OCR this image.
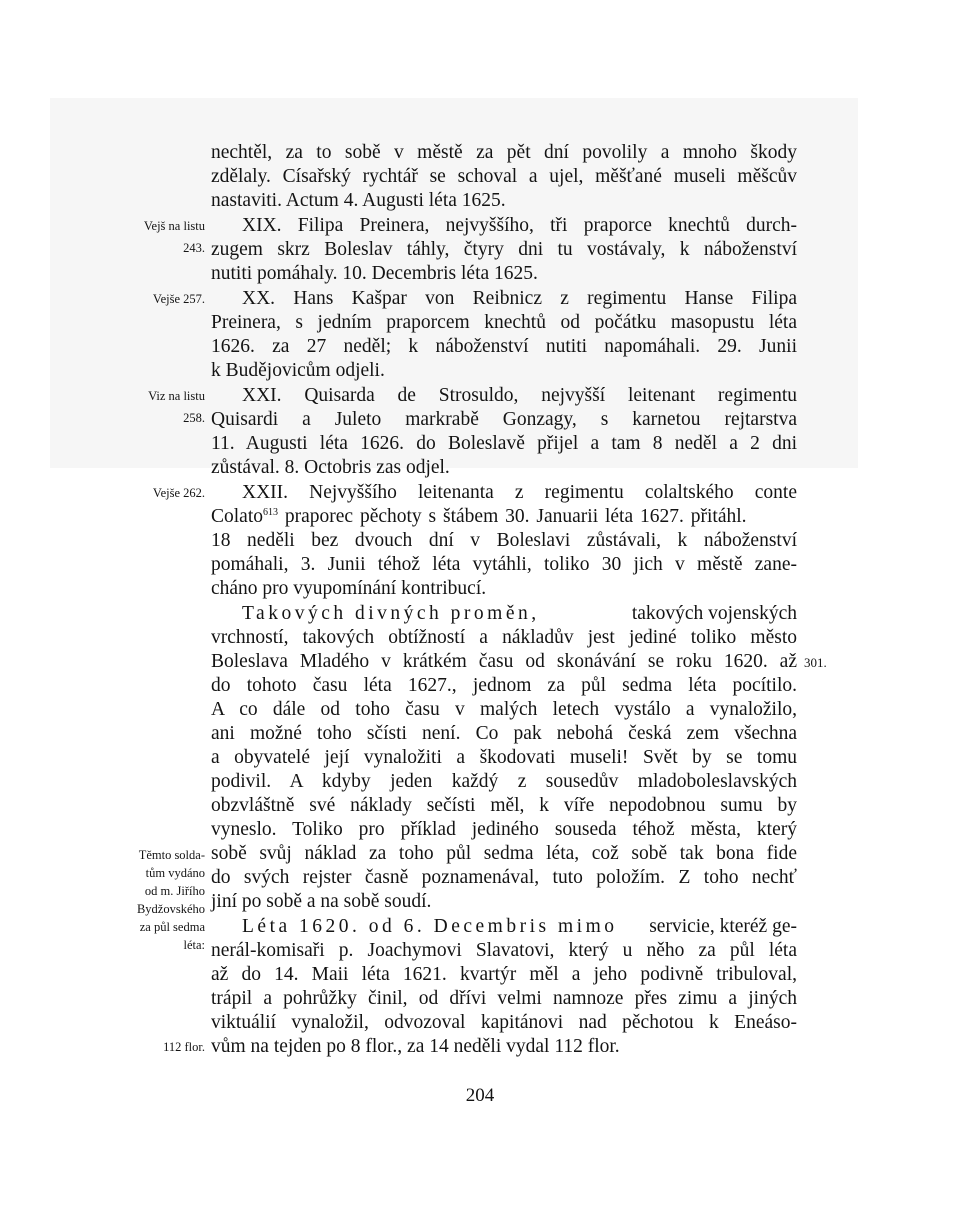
nechtěl, za to sobě v městě za pět dní povolily a mnoho škody
zdělaly. Císařský rychtář se schoval a ujel, měšťané museli měšcův
nastaviti. Actum 4. Augusti léta 1625.
XIX. Filipa Preinera, nejvyššího, tři praporce knechtů durch-
zugem skrz Boleslav táhly, čtyry dni tu vostávaly, k náboženství
nutiti pomáhaly. 10. Decembris léta 1625.
XX. Hans Kašpar von Reibnicz z regimentu Hanse Filipa
Preinera, s jedním praporcem knechtů od počátku masopustu léta
1626. za 27 neděl; k náboženství nutiti napomáhali. 29. Junii
k Budějovicům odjeli.
XXI. Quisarda de Strosuldo, nejvyšší leitenant regimentu
Quisardi a Juleto markrabě Gonzagy, s karnetou rejtarstva
11. Augusti léta 1626. do Boleslavě přijel a tam 8 neděl a 2 dni
zůstával. 8. Octobris zas odjel.
XXII. Nejvyššího leitenanta z regimentu colaltského conte
Colato$^{613}$ praporec pěchoty s štábem 30. Januarii léta 1627. přitáhl.
18 neděli bez dvouch dní v Boleslavi zůstávali, k náboženství
pomáhali, 3. Junii téhož léta vytáhli, toliko 30 jich v městě zane-
cháno pro vyupomínání kontribucí.
Takových divných proměn,	takových vojenských
vrchností, takových obtížností a nákladův jest jediné toliko město
Boleslava Mladého v krátkém času od skonávání se roku 1620. až
do tohoto času léta 1627., jednom za půl sedma léta pocítilo.
A co dále od toho času v malých letech vystálo a vynaložilo,
ani možné toho sčísti není. Co pak nebohá česká zem všechna
a obyvatelé její vynaložiti a škodovati museli! Svět by se tomu
podivil. A kdyby jeden každý z sousedův mladoboleslavských
obzvláštně své náklady sečísti měl, k víře nepodobnou sumu by
vyneslo. Toliko pro příklad jediného souseda téhož města, který
sobě svůj náklad za toho půl sedma léta, což sobě tak bona fide
do svých rejster časně poznamenával, tuto položím. Z toho nechť
jiní po sobě a na sobě soudí.
Léta 1620. od 6. Decembris mimo servicie, kteréž ge-
nerál-komisaři p. Joachymovi Slavatovi, který u něho za půl léta
až do 14. Maii léta 1621. kvartýr měl a jeho podivně tribuloval,
trápil a pohrůžky činil, od dřívi velmi namnoze přes zimu a jiných
viktuálií vynaložil, odvozoval kapitánovi nad pěchotou k Eneáso-
vům na tejden po 8 flor., za 14 neděli vydal 112 flor.
Vejš na listu
243.
Vejše 257.
Viz na listu
258.
Vejše 262.
Těmto solda-
tům vydáno
od m. Jiřího
Bydžovského
za půl sedma
léta:
112 flor.
301.
204
